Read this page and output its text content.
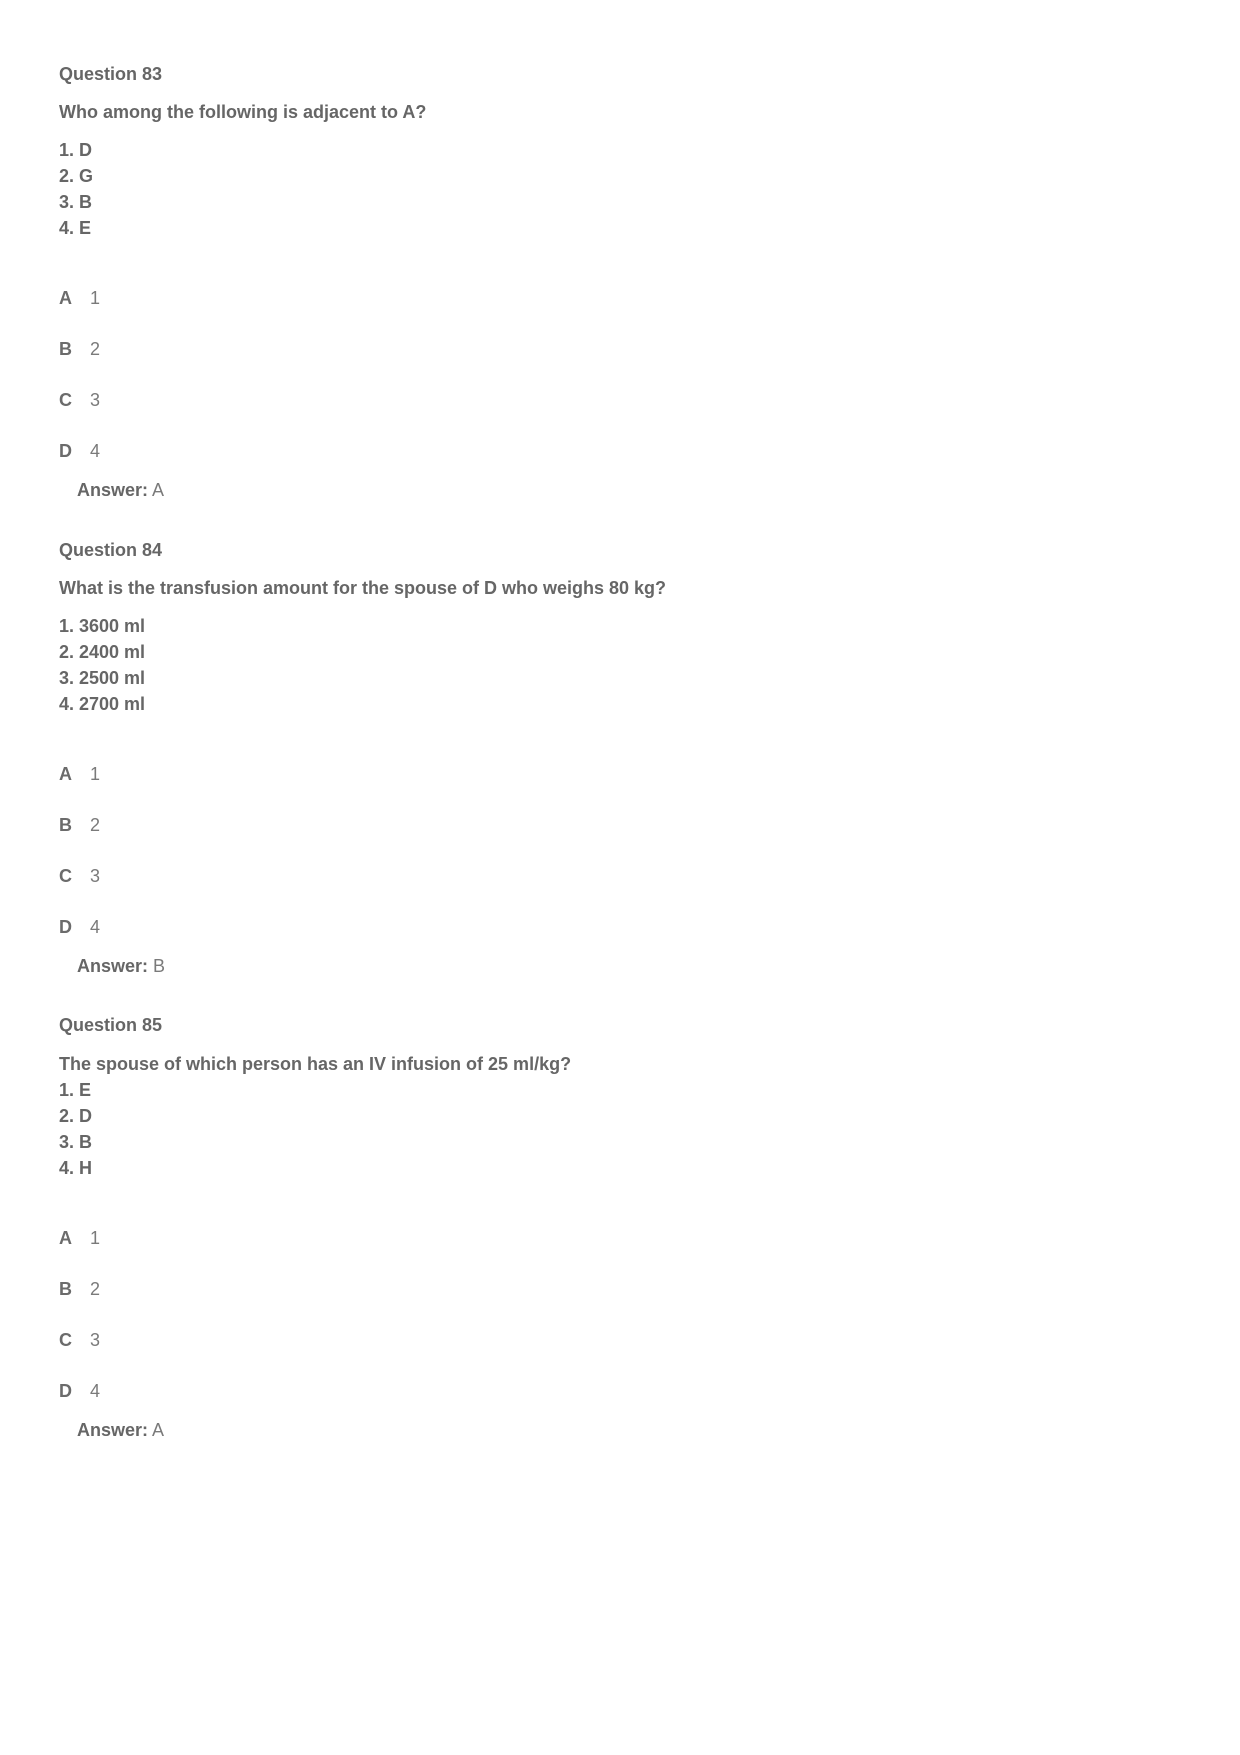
Question 83
Who among the following is adjacent to A?
1. D
2. G
3. B
4. E
A 1
B 2
C 3
D 4
Answer: A
Question 84
What is the transfusion amount for the spouse of D who weighs 80 kg?
1. 3600 ml
2. 2400 ml
3. 2500 ml
4. 2700 ml
A 1
B 2
C 3
D 4
Answer: B
Question 85
The spouse of which person has an IV infusion of 25 ml/kg?
1. E
2. D
3. B
4. H
A 1
B 2
C 3
D 4
Answer: A
